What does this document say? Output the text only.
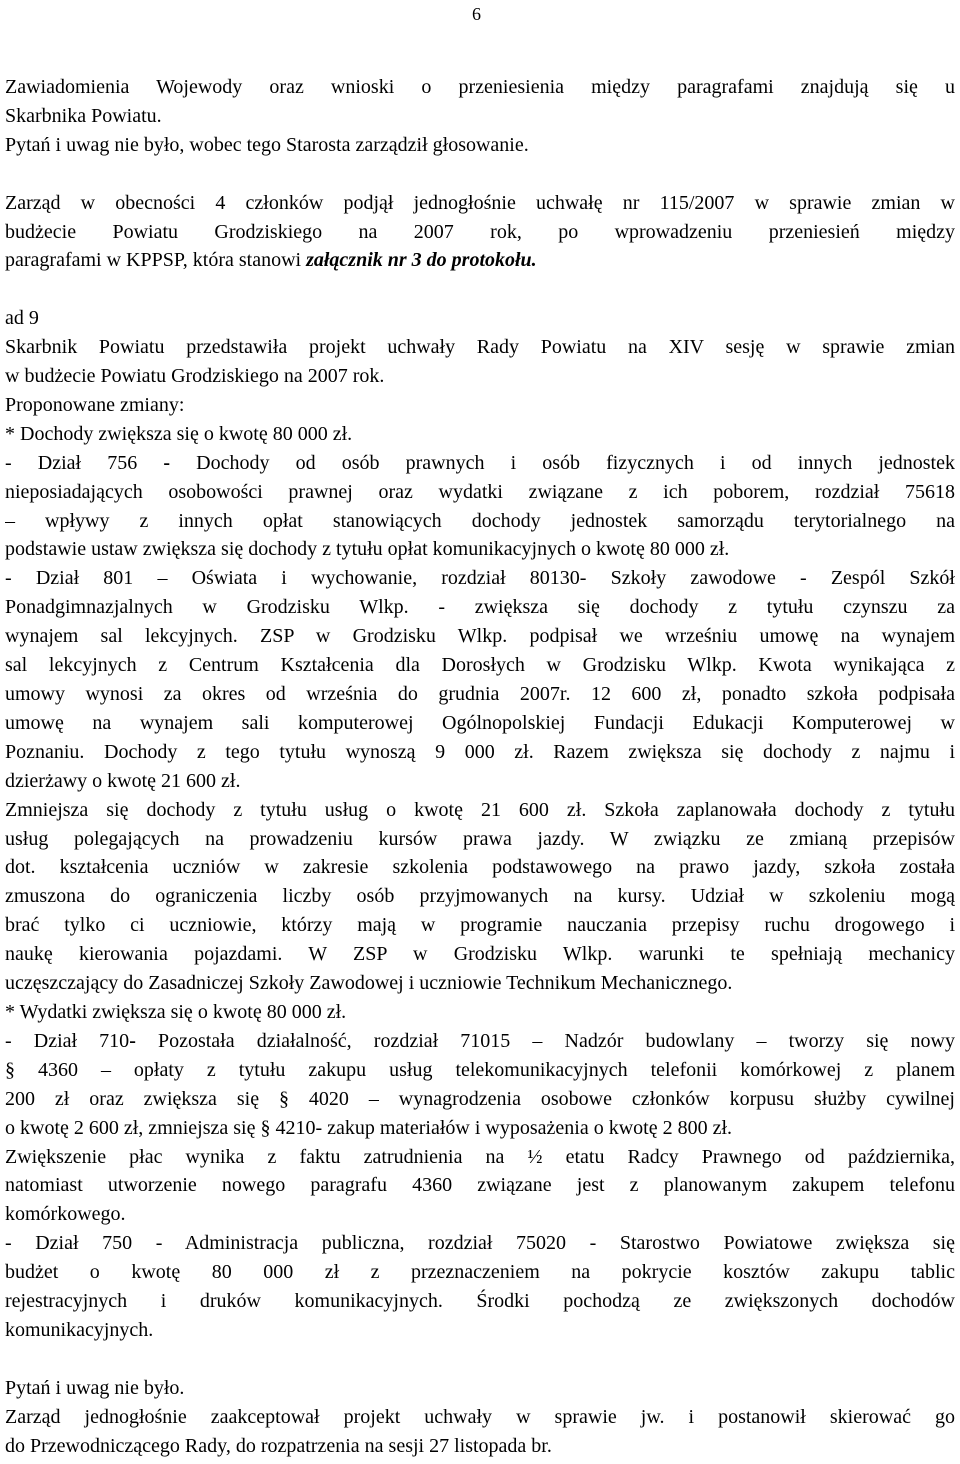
6
Zawiadomienia Wojewody oraz wnioski o przeniesienia między paragrafami znajdują się u
Skarbnika Powiatu.
Pytań i uwag nie było, wobec tego Starosta zarządził głosowanie.
Zarząd w obecności 4 członków podjął jednogłośnie uchwałę nr 115/2007 w sprawie zmian w
budżecie Powiatu Grodziskiego na 2007 rok, po wprowadzeniu przeniesień między
paragrafami w KPPSP, która stanowi załącznik nr 3 do protokołu.
ad 9
Skarbnik Powiatu przedstawiła projekt uchwały Rady Powiatu na XIV sesję w sprawie zmian
w budżecie Powiatu Grodziskiego na 2007 rok.
Proponowane zmiany:
* Dochody zwiększa się o kwotę 80 000 zł.
- Dział 756 - Dochody od osób prawnych i osób fizycznych i od innych jednostek
nieposiadających osobowości prawnej oraz wydatki związane z ich poborem, rozdział 75618
– wpływy z innych opłat stanowiących dochody jednostek samorządu terytorialnego na
podstawie ustaw zwiększa się dochody z tytułu opłat komunikacyjnych o kwotę 80 000 zł.
- Dział 801 – Oświata i wychowanie, rozdział 80130- Szkoły zawodowe - Zespól Szkół
Ponadgimnazjalnych w Grodzisku Wlkp. - zwiększa się dochody z tytułu czynszu za
wynajem sal lekcyjnych. ZSP w Grodzisku Wlkp. podpisał we wrześniu umowę na wynajem
sal lekcyjnych z Centrum Kształcenia dla Dorosłych w Grodzisku Wlkp. Kwota wynikająca z
umowy wynosi za okres od września do grudnia 2007r. 12 600 zł, ponadto szkoła podpisała
umowę na wynajem sali komputerowej Ogólnopolskiej Fundacji Edukacji Komputerowej w
Poznaniu. Dochody z tego tytułu wynoszą 9 000 zł. Razem zwiększa się dochody z najmu i
dzierżawy o kwotę 21 600 zł.
Zmniejsza się dochody z tytułu usług o kwotę 21 600 zł. Szkoła zaplanowała dochody z tytułu
usług polegających na prowadzeniu kursów prawa jazdy. W związku ze zmianą przepisów
dot. kształcenia uczniów w zakresie szkolenia podstawowego na prawo jazdy, szkoła została
zmuszona do ograniczenia liczby osób przyjmowanych na kursy. Udział w szkoleniu mogą
brać tylko ci uczniowie, którzy mają w programie nauczania przepisy ruchu drogowego i
naukę kierowania pojazdami. W ZSP w Grodzisku Wlkp. warunki te spełniają mechanicy
uczęszczający do Zasadniczej Szkoły Zawodowej i uczniowie Technikum Mechanicznego.
* Wydatki zwiększa się o kwotę 80 000 zł.
- Dział 710- Pozostała działalność, rozdział 71015 – Nadzór budowlany – tworzy się nowy
§ 4360 – opłaty z tytułu zakupu usług telekomunikacyjnych telefonii komórkowej z planem
200 zł oraz zwiększa się § 4020 – wynagrodzenia osobowe członków korpusu służby cywilnej
o kwotę 2 600 zł, zmniejsza się § 4210- zakup materiałów i wyposażenia o kwotę 2 800 zł.
Zwiększenie płac wynika z faktu zatrudnienia na ½ etatu Radcy Prawnego od października,
natomiast utworzenie nowego paragrafu 4360 związane jest z planowanym zakupem telefonu
komórkowego.
- Dział 750 - Administracja publiczna, rozdział 75020 - Starostwo Powiatowe zwiększa się
budżet o kwotę 80 000 zł z przeznaczeniem na pokrycie kosztów zakupu tablic
rejestracyjnych i druków komunikacyjnych. Środki pochodzą ze zwiększonych dochodów
komunikacyjnych.
Pytań i uwag nie było.
Zarząd jednogłośnie zaakceptował projekt uchwały w sprawie jw. i postanowił skierować go
do Przewodniczącego Rady, do rozpatrzenia na sesji 27 listopada br.
